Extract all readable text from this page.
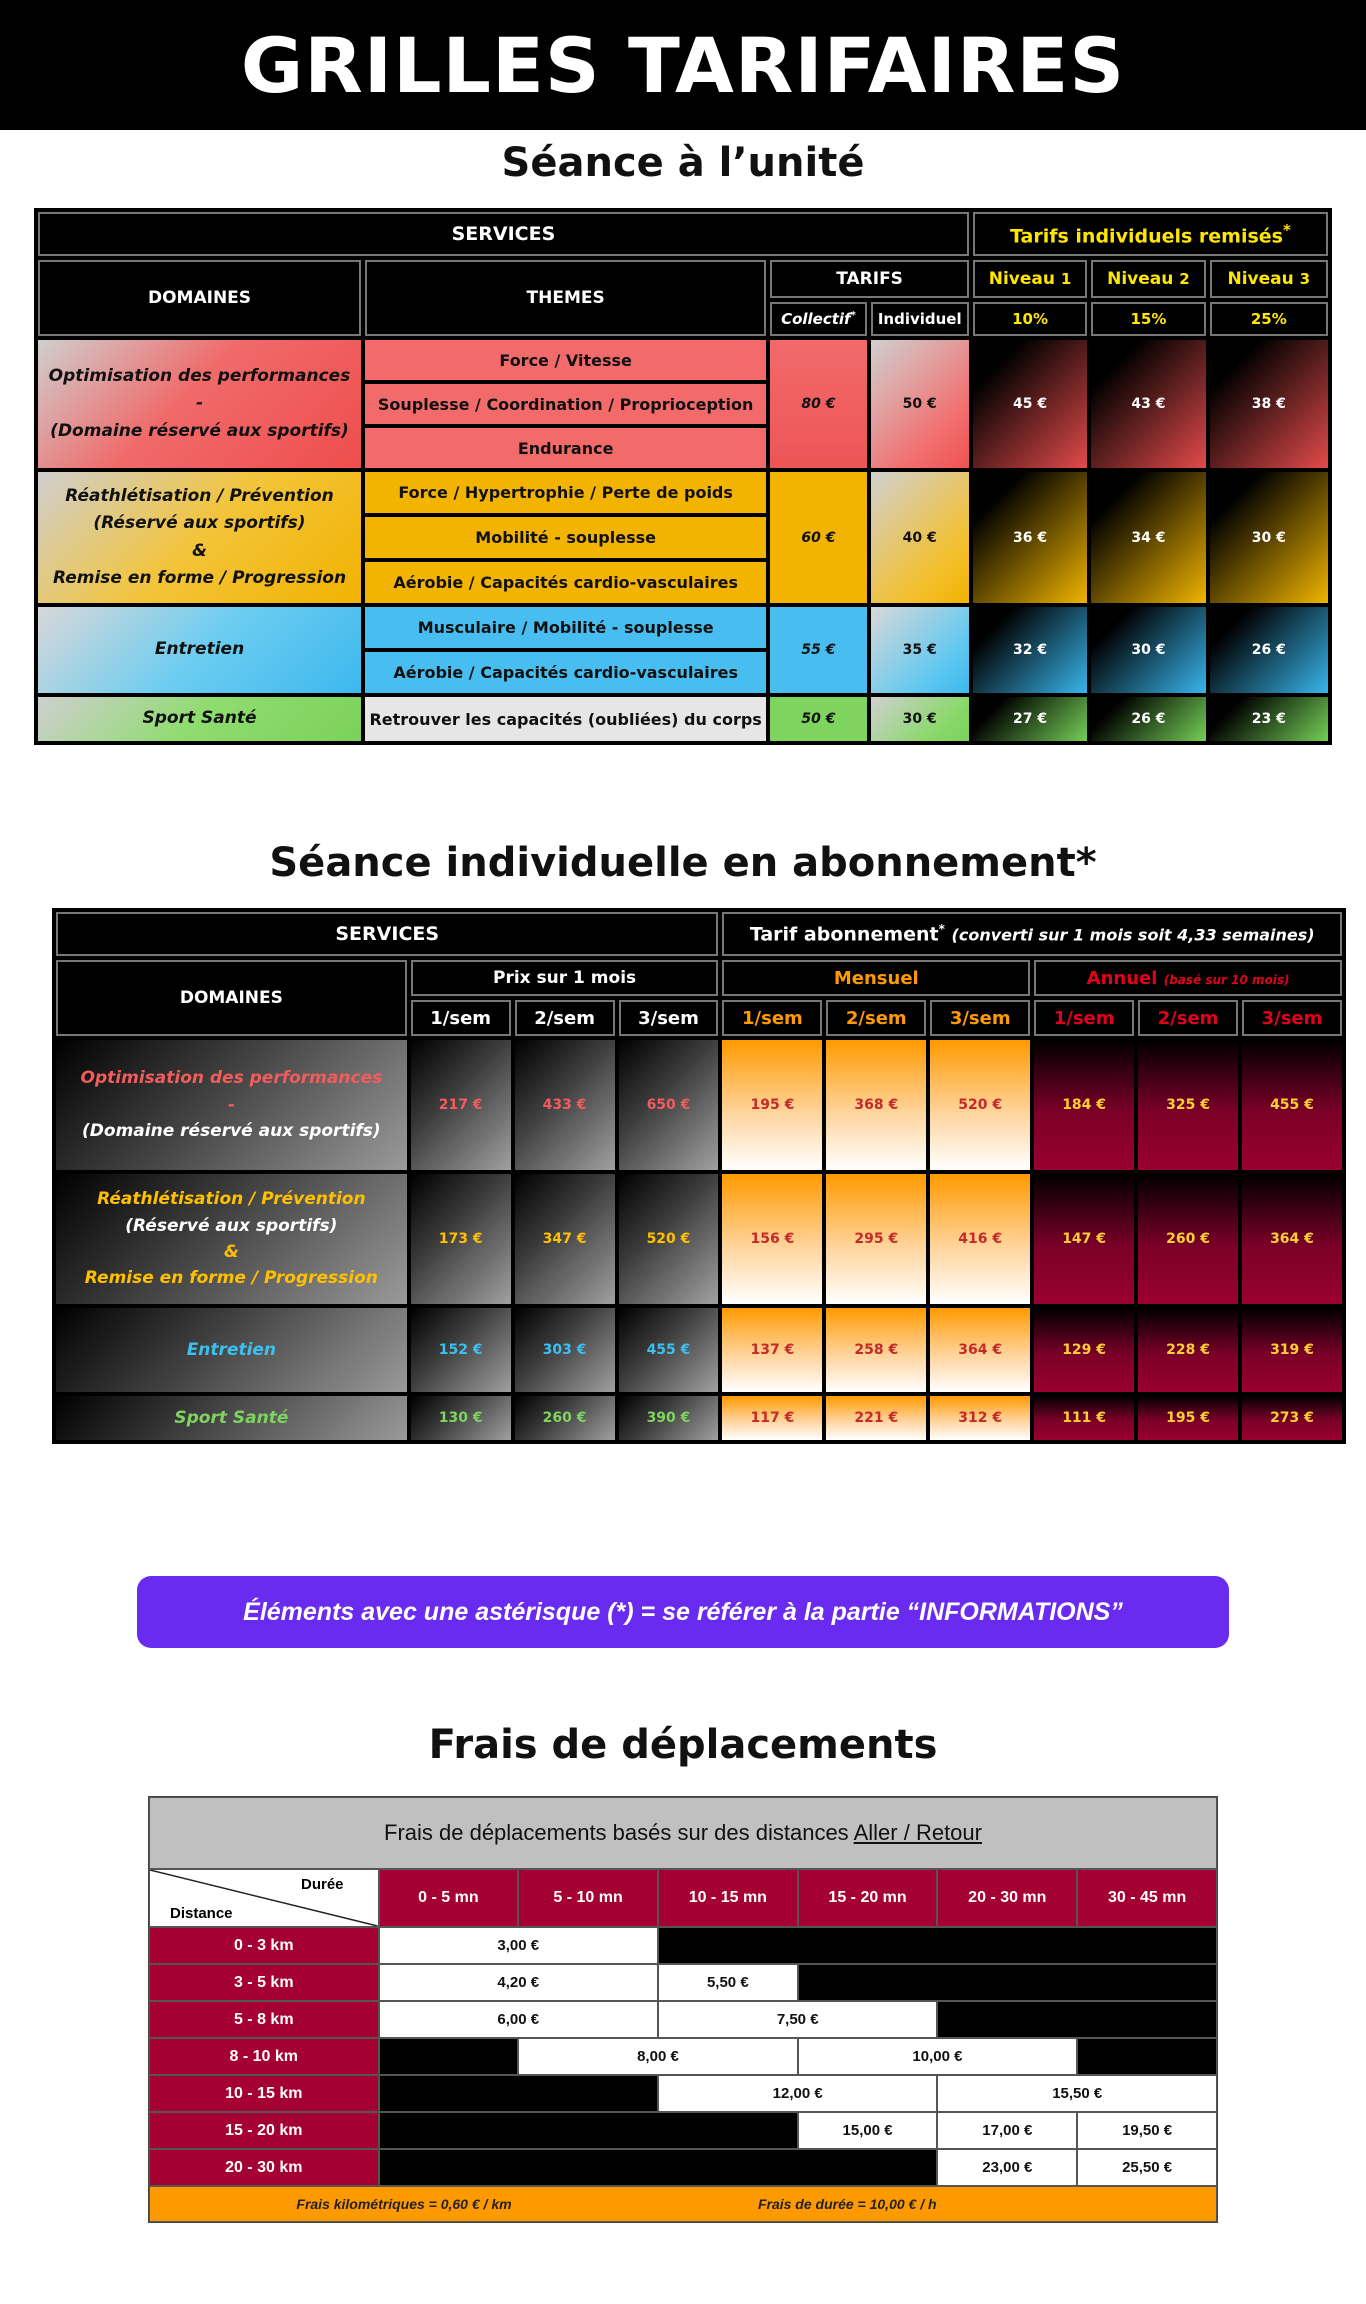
GRILLES TARIFAIRES
Séance à l’unité
SERVICES				Tarifs individuels remisés*
DOMAINES	THEMES	TARIFS		Niveau 1	Niveau 2	Niveau 3
		Collectif*	Individuel	10%	15%	25%

Optimisation des performances
-
(Domaine réservé aux sportifs)	Force / Vitesse	80 €	50 €	45 €	43 €	38 €
	Souplesse / Coordination / Proprioception					
	Endurance					

Réathlétisation / Prévention
(Réservé aux sportifs)
&
Remise en forme / Progression	Force / Hypertrophie / Perte de poids	60 €	40 €	36 €	34 €	30 €
	Mobilité - souplesse					
	Aérobie / Capacités cardio-vasculaires					

Entretien	Musculaire / Mobilité - souplesse	55 €	35 €	32 €	30 €	26 €
	Aérobie / Capacités cardio-vasculaires					

Sport Santé	Retrouver les capacités (oubliées) du corps	50 €	30 €	27 €	26 €	23 €
Séance individuelle en abonnement*
SERVICES				Tarif abonnement* (converti sur 1 mois soit 4,33 semaines)					
DOMAINES	Prix sur 1 mois			Mensuel			Annuel (basé sur 10 mois)		
	1/sem	2/sem	3/sem	1/sem	2/sem	3/sem	1/sem	2/sem	3/sem

Optimisation des performances
-
(Domaine réservé aux sportifs)	217 €	433 €	650 €	195 €	368 €	520 €	184 €	325 €	455 €

Réathlétisation / Prévention
(Réservé aux sportifs)
&
Remise en forme / Progression	173 €	347 €	520 €	156 €	295 €	416 €	147 €	260 €	364 €

Entretien	152 €	303 €	455 €	137 €	258 €	364 €	129 €	228 €	319 €

Sport Santé	130 €	260 €	390 €	117 €	221 €	312 €	111 €	195 €	273 €
Éléments avec une astérisque (*) = se référer à la partie “INFORMATIONS”
Frais de déplacements
Frais de déplacements basés sur des distances Aller / Retour						

Durée
Distance	0 - 5 mn	5 - 10 mn	10 - 15 mn	15 - 20 mn	20 - 30 mn	30 - 45 mn
0 - 3 km	3,00 €					
3 - 5 km	4,20 €		5,50 €			
5 - 8 km	6,00 €		7,50 €			
8 - 10 km		8,00 €		10,00 €		
10 - 15 km			12,00 €		15,50 €	
15 - 20 km				15,00 €	17,00 €	19,50 €
20 - 30 km					23,00 €	25,50 €
Frais kilométriques = 0,60 € / km			Frais de durée = 10,00 € / h			
